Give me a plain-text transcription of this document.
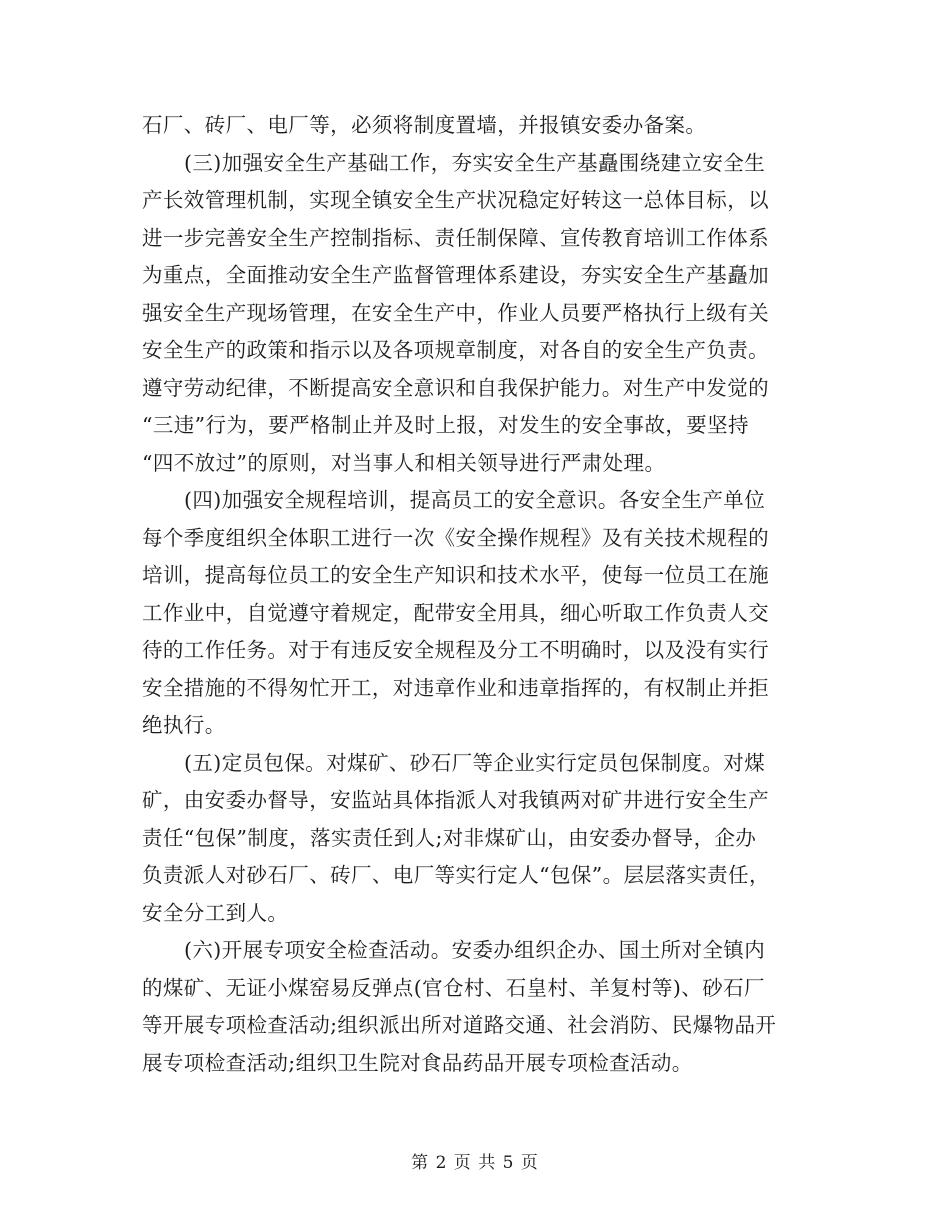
石厂、砖厂、电厂等，必须将制度置墙，并报镇安委办备案。
(三)加强安全生产基础工作，夯实安全生产基矗围绕建立安全生
产长效管理机制，实现全镇安全生产状况稳定好转这一总体目标，以
进一步完善安全生产控制指标、责任制保障、宣传教育培训工作体系
为重点，全面推动安全生产监督管理体系建设，夯实安全生产基矗加
强安全生产现场管理，在安全生产中，作业人员要严格执行上级有关
安全生产的政策和指示以及各项规章制度，对各自的安全生产负责。
遵守劳动纪律，不断提高安全意识和自我保护能力。对生产中发觉的
“三违”行为，要严格制止并及时上报，对发生的安全事故，要坚持
“四不放过”的原则，对当事人和相关领导进行严肃处理。
(四)加强安全规程培训，提高员工的安全意识。各安全生产单位
每个季度组织全体职工进行一次《安全操作规程》及有关技术规程的
培训，提高每位员工的安全生产知识和技术水平，使每一位员工在施
工作业中，自觉遵守着规定，配带安全用具，细心听取工作负责人交
待的工作任务。对于有违反安全规程及分工不明确时，以及没有实行
安全措施的不得匆忙开工，对违章作业和违章指挥的，有权制止并拒
绝执行。
(五)定员包保。对煤矿、砂石厂等企业实行定员包保制度。对煤
矿，由安委办督导，安监站具体指派人对我镇两对矿井进行安全生产
责任“包保”制度，落实责任到人;对非煤矿山，由安委办督导，企办
负责派人对砂石厂、砖厂、电厂等实行定人“包保”。层层落实责任，
安全分工到人。
(六)开展专项安全检查活动。安委办组织企办、国土所对全镇内
的煤矿、无证小煤窑易反弹点(官仓村、石皇村、羊复村等)、砂石厂
等开展专项检查活动;组织派出所对道路交通、社会消防、民爆物品开
展专项检查活动;组织卫生院对食品药品开展专项检查活动。
第 2 页 共 5 页
